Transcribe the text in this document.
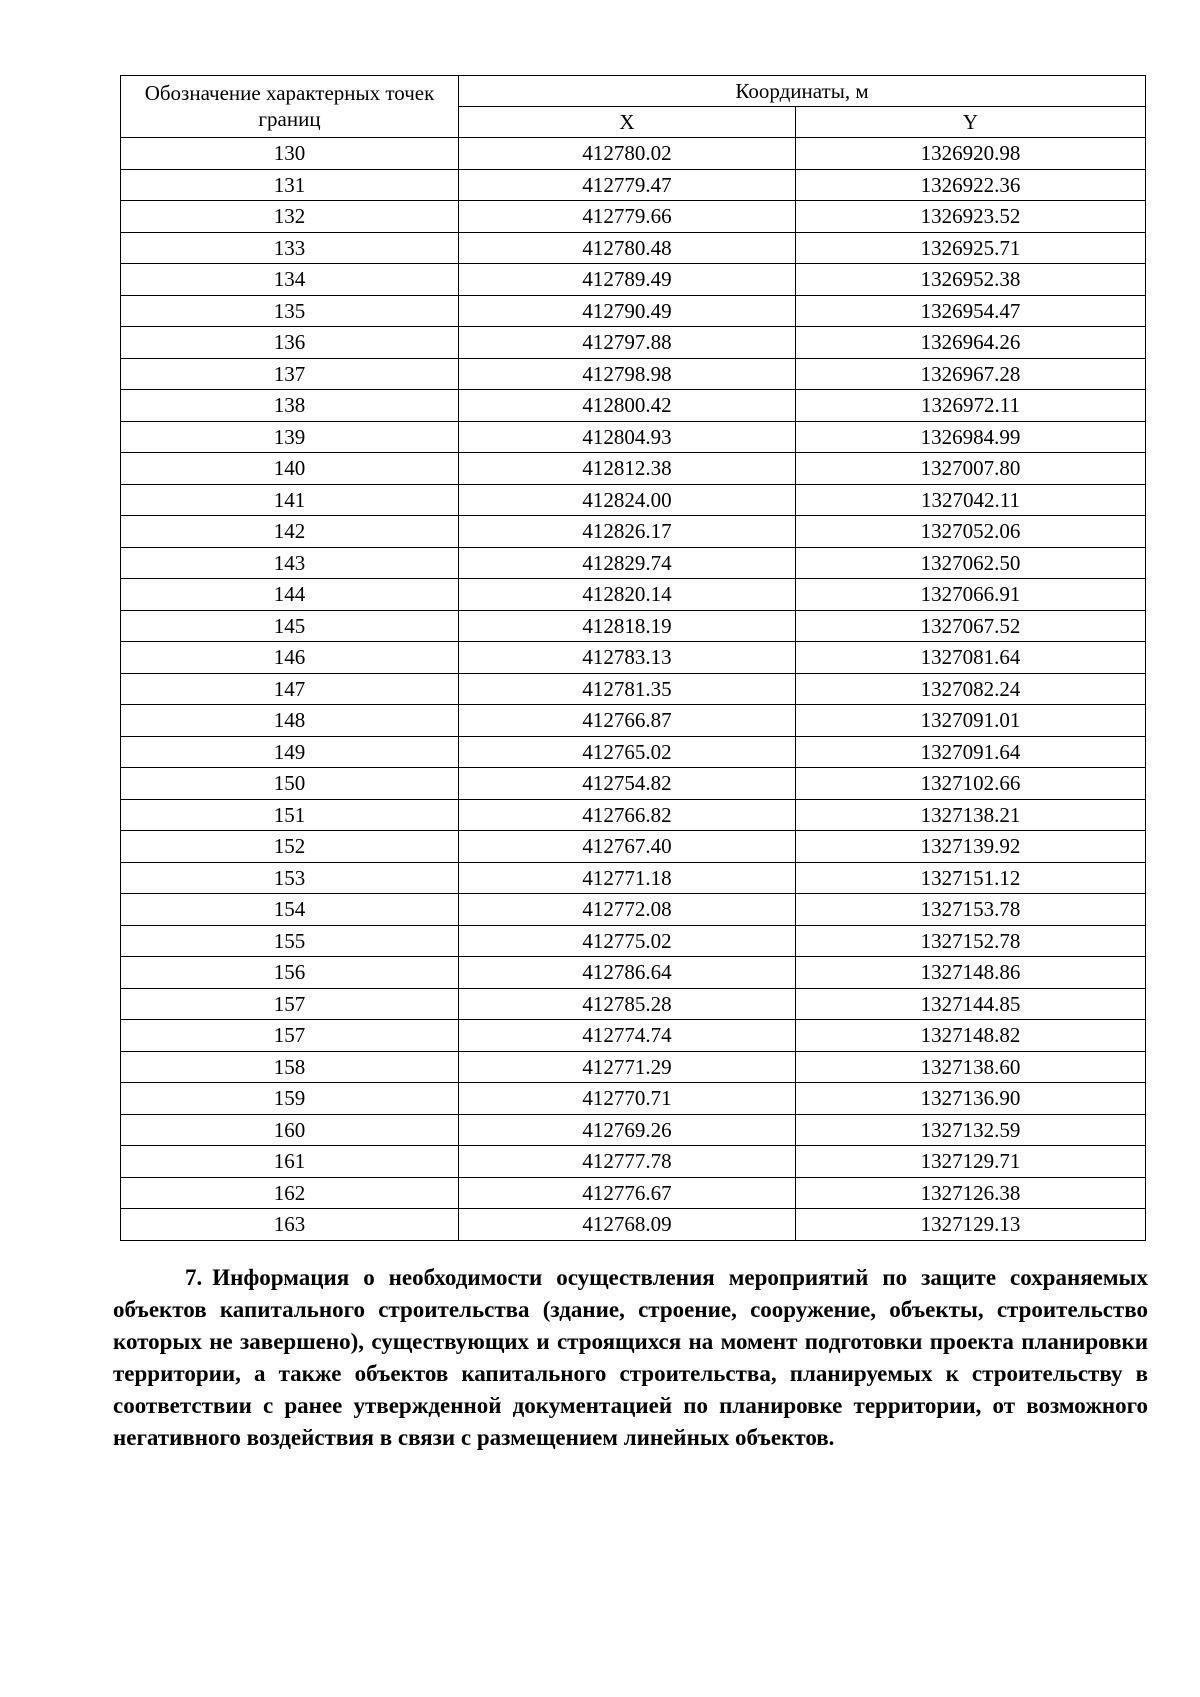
Обозначение характерных точек границ	Координаты, м	
	X	Y
130	412780.02	1326920.98
131	412779.47	1326922.36
132	412779.66	1326923.52
133	412780.48	1326925.71
134	412789.49	1326952.38
135	412790.49	1326954.47
136	412797.88	1326964.26
137	412798.98	1326967.28
138	412800.42	1326972.11
139	412804.93	1326984.99
140	412812.38	1327007.80
141	412824.00	1327042.11
142	412826.17	1327052.06
143	412829.74	1327062.50
144	412820.14	1327066.91
145	412818.19	1327067.52
146	412783.13	1327081.64
147	412781.35	1327082.24
148	412766.87	1327091.01
149	412765.02	1327091.64
150	412754.82	1327102.66
151	412766.82	1327138.21
152	412767.40	1327139.92
153	412771.18	1327151.12
154	412772.08	1327153.78
155	412775.02	1327152.78
156	412786.64	1327148.86
157	412785.28	1327144.85
157	412774.74	1327148.82
158	412771.29	1327138.60
159	412770.71	1327136.90
160	412769.26	1327132.59
161	412777.78	1327129.71
162	412776.67	1327126.38
163	412768.09	1327129.13

7. Информация о необходимости осуществления мероприятий по защите сохраняемых объектов капитального строительства (здание, строение, сооружение, объекты, строительство которых не завершено), существующих и строящихся на момент подготовки проекта планировки территории, а также объектов капитального строительства, планируемых к строительству в соответствии с ранее утвержденной документацией по планировке территории, от возможного негативного воздействия в связи с размещением линейных объектов.
